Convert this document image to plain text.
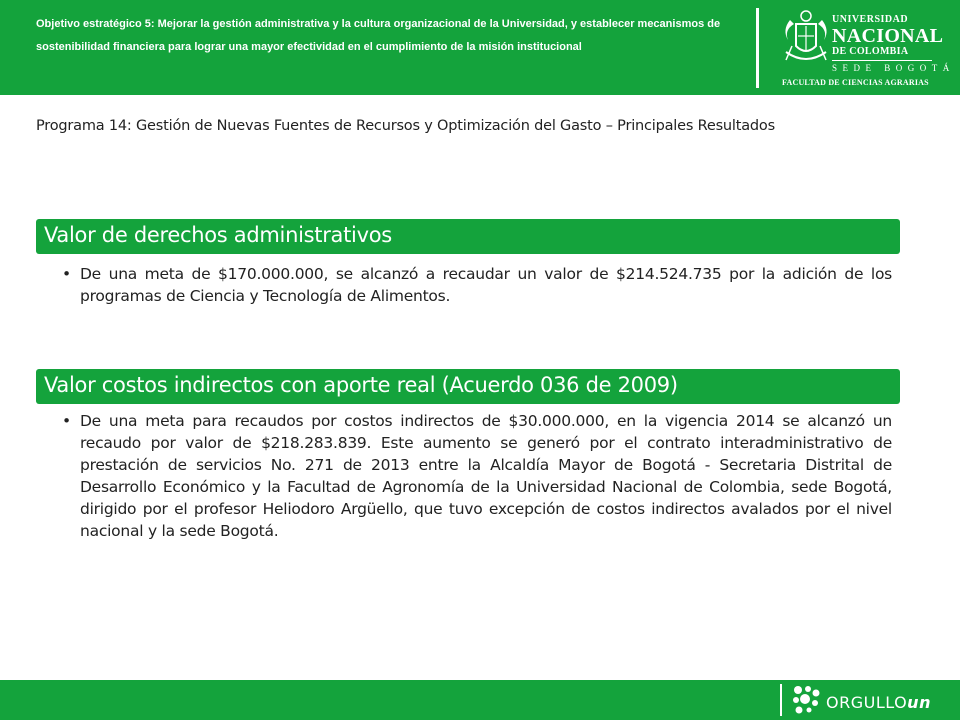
Objetivo estratégico 5: Mejorar la gestión administrativa y la cultura organizacional de la Universidad, y establecer mecanismos de sostenibilidad financiera para lograr una mayor efectividad en el cumplimiento de la misión institucional
UNIVERSIDAD
NACIONAL
DE COLOMBIA
SEDE BOGOTÁ
FACULTAD DE CIENCIAS AGRARIAS
Programa 14: Gestión de Nuevas Fuentes de Recursos y Optimización del Gasto – Principales Resultados
Valor de derechos administrativos
• De una meta de $170.000.000, se alcanzó a recaudar un valor de $214.524.735 por la adición de los programas de Ciencia y Tecnología de Alimentos.
Valor costos indirectos con aporte real (Acuerdo 036 de 2009)
• De una meta para recaudos por costos indirectos de $30.000.000, en la vigencia 2014 se alcanzó un recaudo por valor de $218.283.839. Este aumento se generó por el contrato interadministrativo de prestación de servicios No. 271 de 2013 entre la Alcaldía Mayor de Bogotá - Secretaria Distrital de Desarrollo Económico y la Facultad de Agronomía de la Universidad Nacional de Colombia, sede Bogotá, dirigido por el profesor Heliodoro Argüello, que tuvo excepción de costos indirectos avalados por el nivel nacional y la sede Bogotá.
ORGULLOun
